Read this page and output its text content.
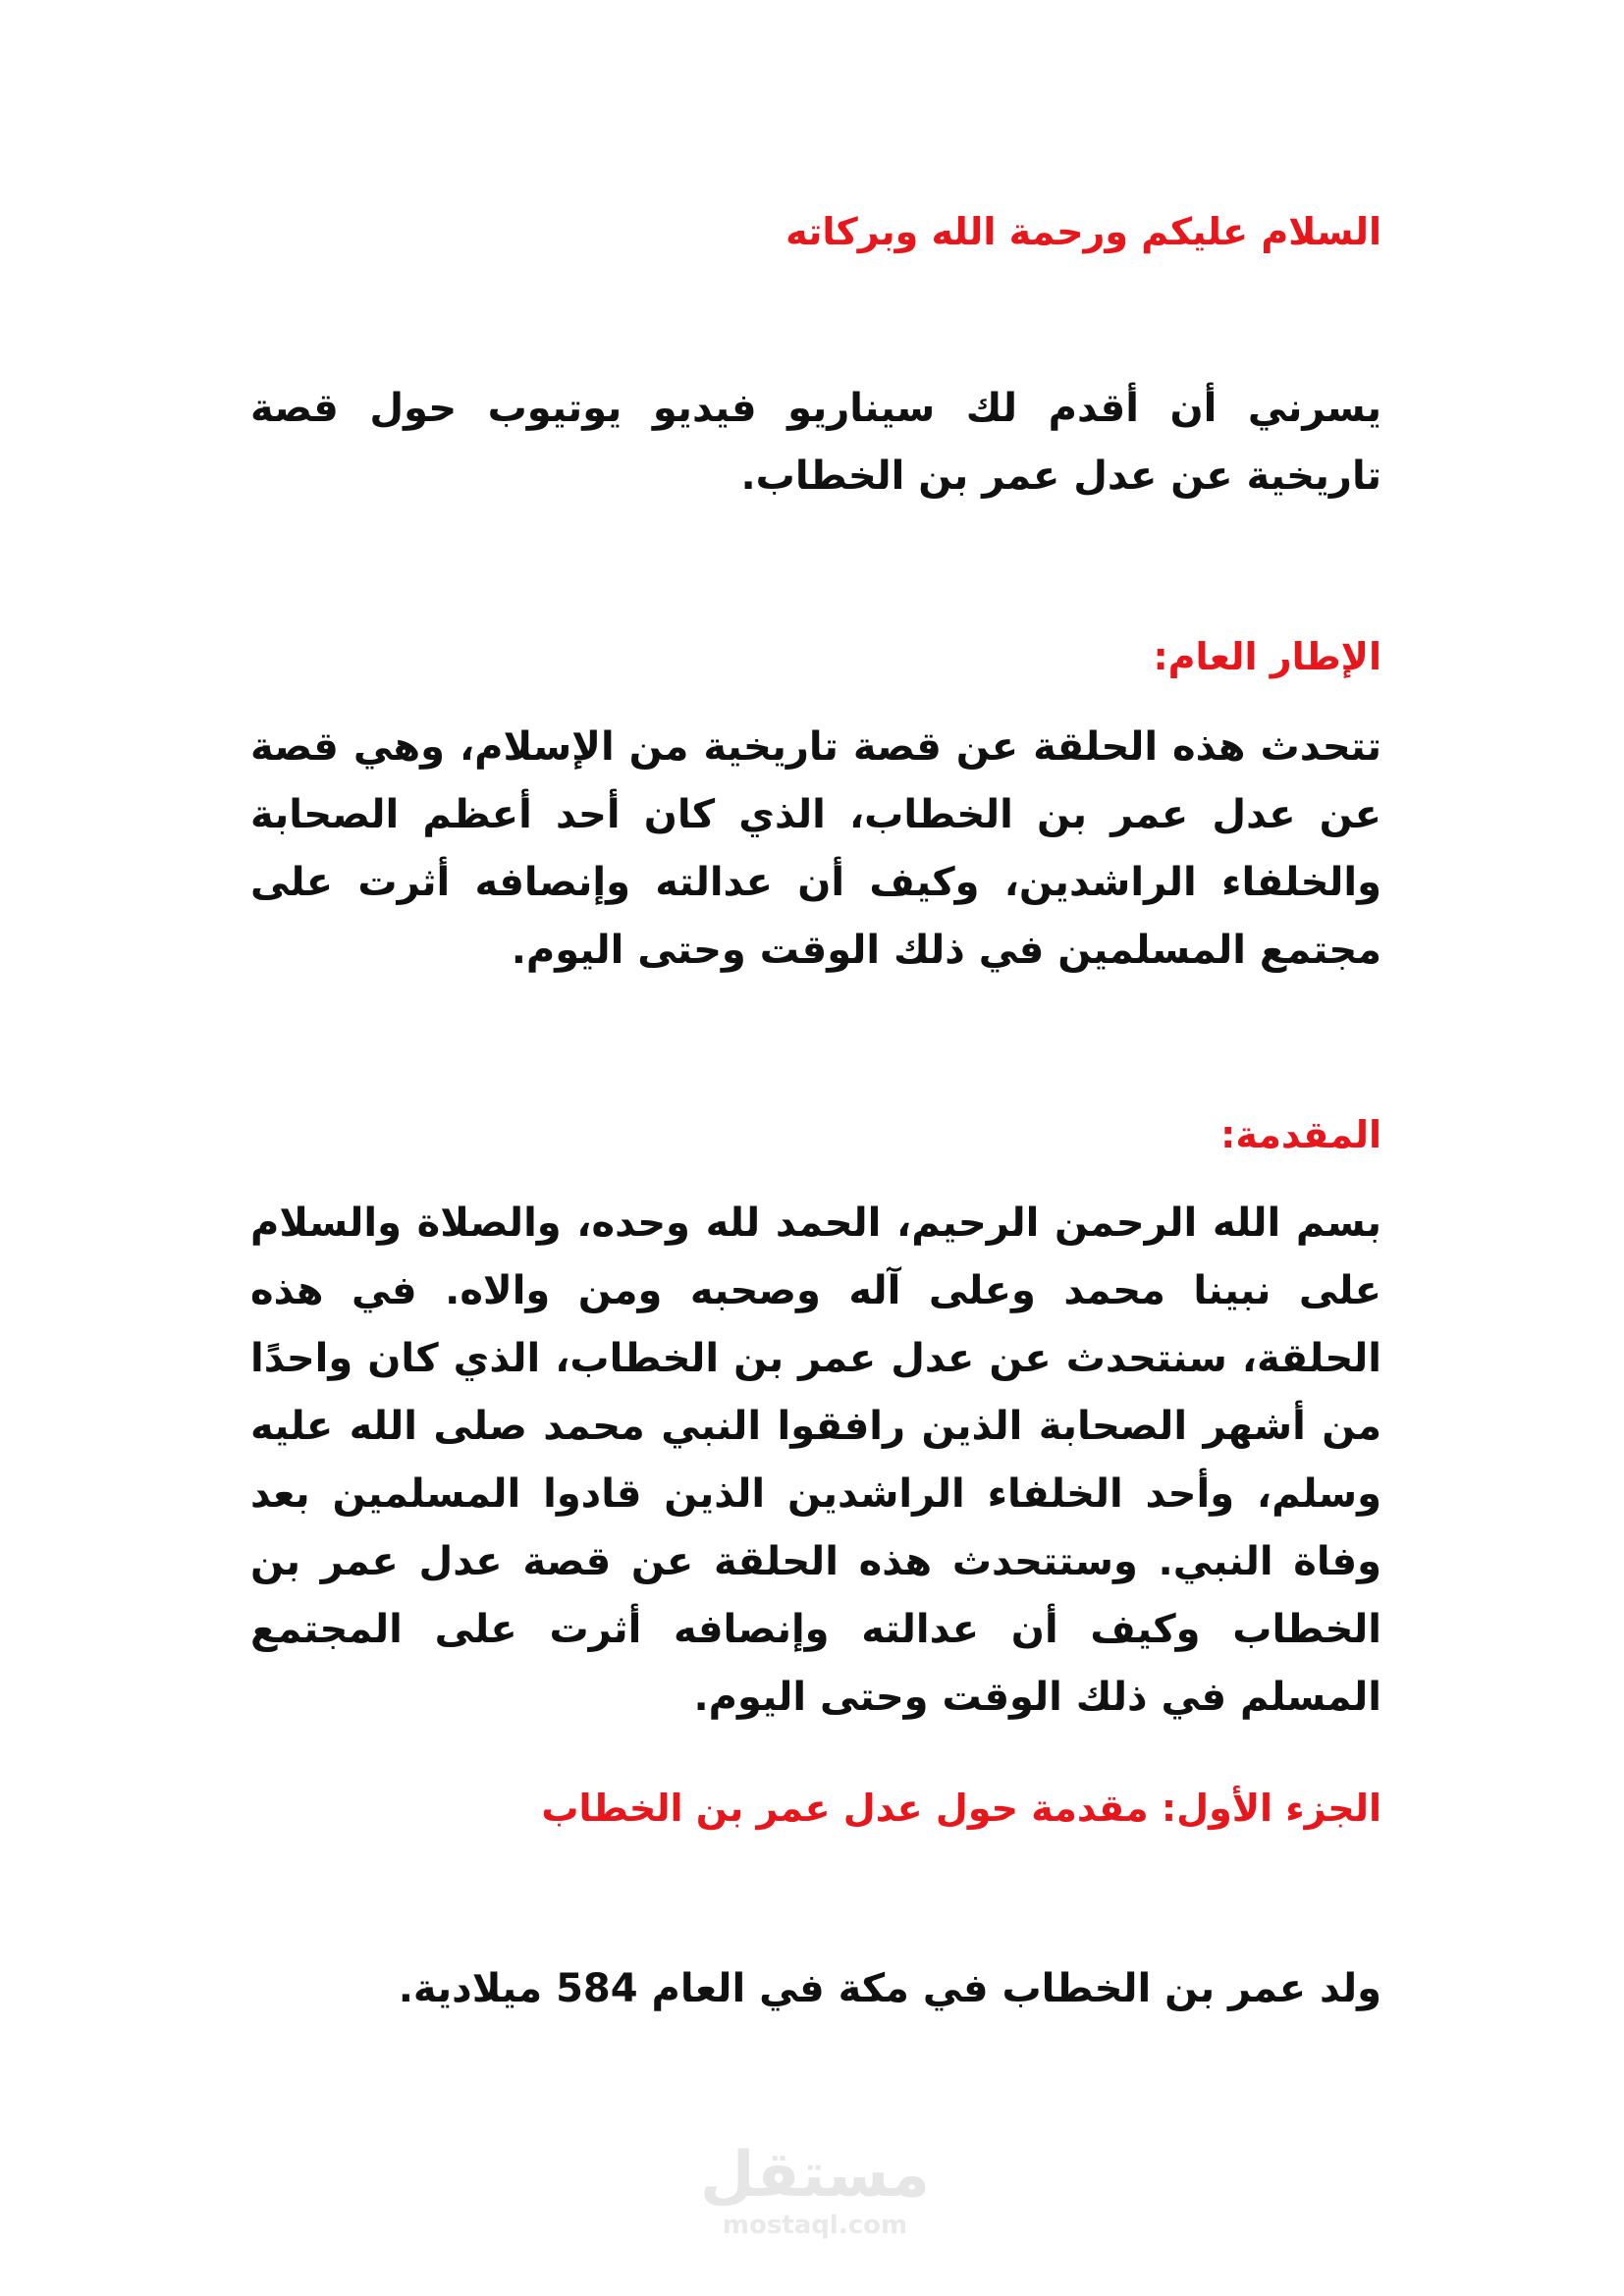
السلام عليكم ورحمة الله وبركاته

يسرني أن أقدم لك سيناريو فيديو يوتيوب حول قصة تاريخية عن عدل عمر بن الخطاب.

الإطار العام:

تتحدث هذه الحلقة عن قصة تاريخية من الإسلام، وهي قصة عن عدل عمر بن الخطاب، الذي كان أحد أعظم الصحابة والخلفاء الراشدين، وكيف أن عدالته وإنصافه أثرت على مجتمع المسلمين في ذلك الوقت وحتى اليوم.

المقدمة:

بسم الله الرحمن الرحيم، الحمد لله وحده، والصلاة والسلام على نبينا محمد وعلى آله وصحبه ومن والاه. في هذه الحلقة، سنتحدث عن عدل عمر بن الخطاب، الذي كان واحدًا من أشهر الصحابة الذين رافقوا النبي محمد صلى الله عليه وسلم، وأحد الخلفاء الراشدين الذين قادوا المسلمين بعد وفاة النبي. وستتحدث هذه الحلقة عن قصة عدل عمر بن الخطاب وكيف أن عدالته وإنصافه أثرت على المجتمع المسلم في ذلك الوقت وحتى اليوم.

الجزء الأول: مقدمة حول عدل عمر بن الخطاب

ولد عمر بن الخطاب في مكة في العام 584 ميلادية.

مستقل
mostaql.com
